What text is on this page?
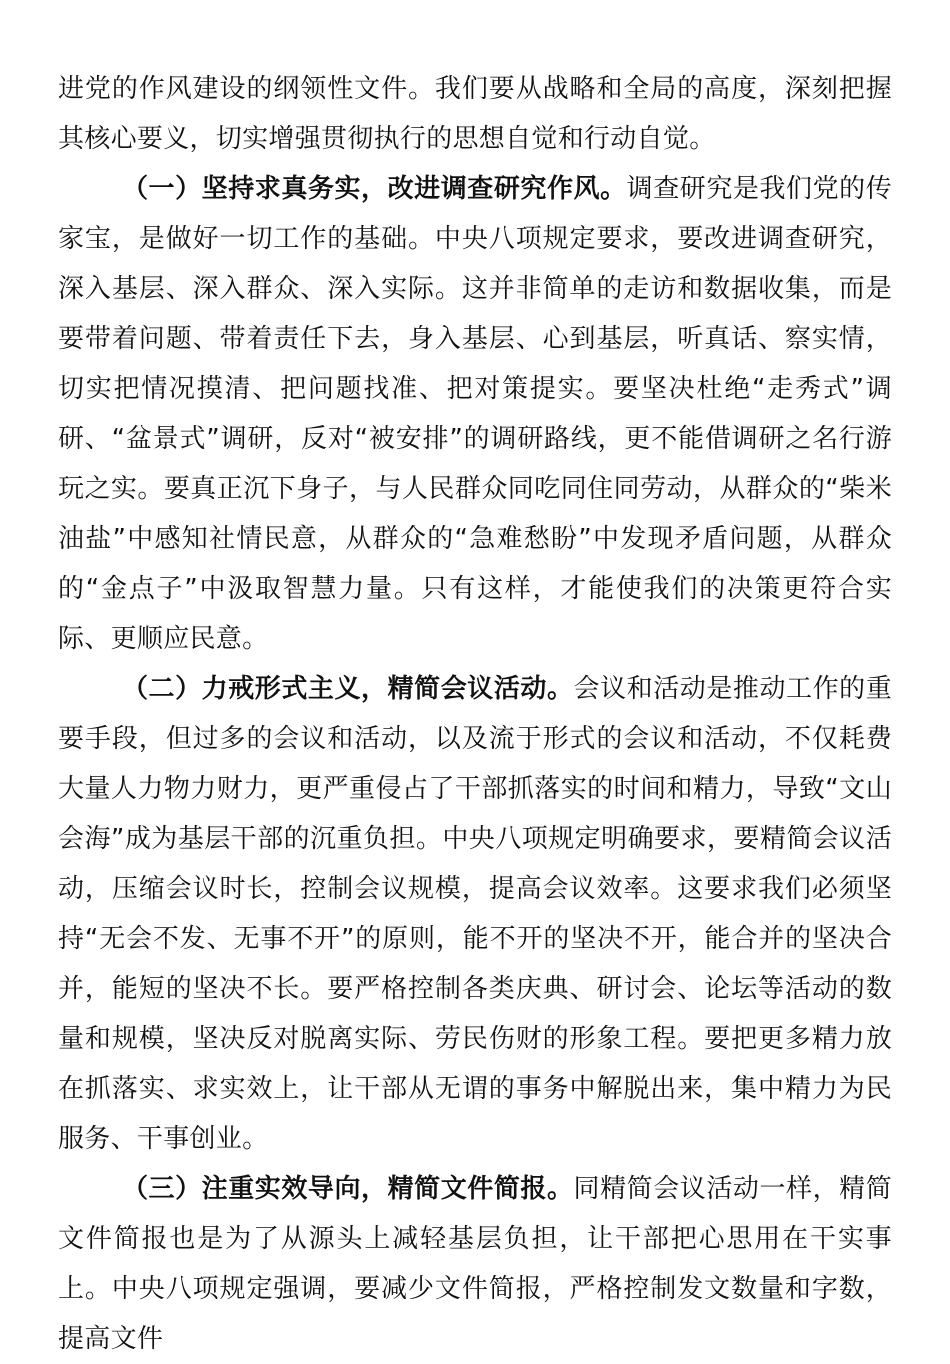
进党的作风建设的纲领性文件。我们要从战略和全局的高度，深刻把握其核心要义，切实增强贯彻执行的思想自觉和行动自觉。

（一）坚持求真务实，改进调查研究作风。调查研究是我们党的传家宝，是做好一切工作的基础。中央八项规定要求，要改进调查研究，深入基层、深入群众、深入实际。这并非简单的走访和数据收集，而是要带着问题、带着责任下去，身入基层、心到基层，听真话、察实情，切实把情况摸清、把问题找准、把对策提实。要坚决杜绝“走秀式”调研、“盆景式”调研，反对“被安排”的调研路线，更不能借调研之名行游玩之实。要真正沉下身子，与人民群众同吃同住同劳动，从群众的“柴米油盐”中感知社情民意，从群众的“急难愁盼”中发现矛盾问题，从群众的“金点子”中汲取智慧力量。只有这样，才能使我们的决策更符合实际、更顺应民意。

（二）力戒形式主义，精简会议活动。会议和活动是推动工作的重要手段，但过多的会议和活动，以及流于形式的会议和活动，不仅耗费大量人力物力财力，更严重侵占了干部抓落实的时间和精力，导致“文山会海”成为基层干部的沉重负担。中央八项规定明确要求，要精简会议活动，压缩会议时长，控制会议规模，提高会议效率。这要求我们必须坚持“无会不发、无事不开”的原则，能不开的坚决不开，能合并的坚决合并，能短的坚决不长。要严格控制各类庆典、研讨会、论坛等活动的数量和规模，坚决反对脱离实际、劳民伤财的形象工程。要把更多精力放在抓落实、求实效上，让干部从无谓的事务中解脱出来，集中精力为民服务、干事创业。

（三）注重实效导向，精简文件简报。同精简会议活动一样，精简文件简报也是为了从源头上减轻基层负担，让干部把心思用在干实事上。中央八项规定强调，要减少文件简报，严格控制发文数量和字数，提高文件
